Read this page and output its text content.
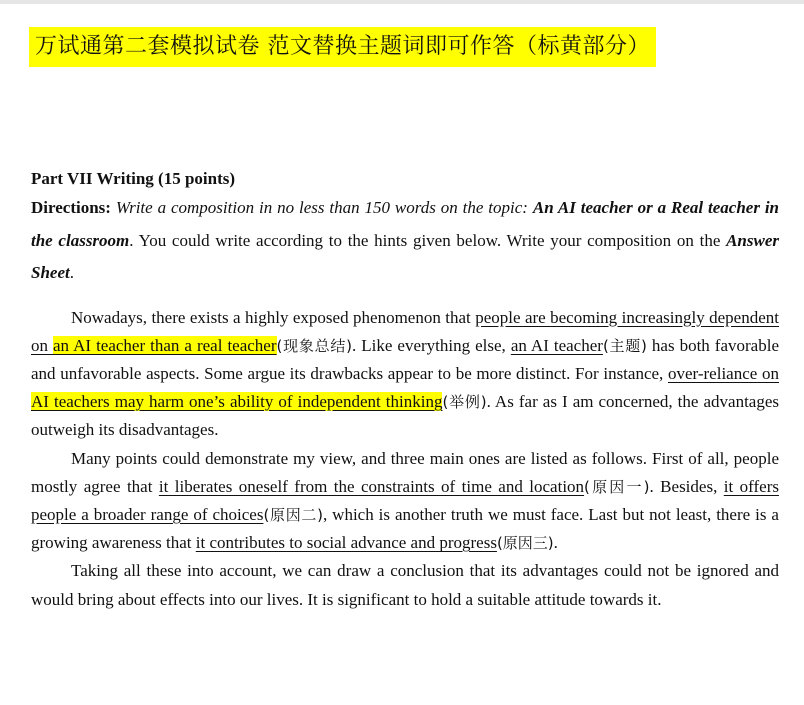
万试通第二套模拟试卷 范文替换主题词即可作答（标黄部分）

Part VII Writing (15 points)

Directions: Write a composition in no less than 150 words on the topic: An AI teacher or a Real teacher in the classroom. You could write according to the hints given below. Write your composition on the Answer Sheet.

Nowadays, there exists a highly exposed phenomenon that people are becoming increasingly dependent on an AI teacher than a real teacher(现象总结). Like everything else, an AI teacher(主题) has both favorable and unfavorable aspects. Some argue its drawbacks appear to be more distinct. For instance, over-reliance on AI teachers may harm one’s ability of independent thinking(举例). As far as I am concerned, the advantages outweigh its disadvantages.

Many points could demonstrate my view, and three main ones are listed as follows. First of all, people mostly agree that it liberates oneself from the constraints of time and location(原因一). Besides, it offers people a broader range of choices(原因二), which is another truth we must face. Last but not least, there is a growing awareness that it contributes to social advance and progress(原因三).

Taking all these into account, we can draw a conclusion that its advantages could not be ignored and would bring about effects into our lives. It is significant to hold a suitable attitude towards it.
